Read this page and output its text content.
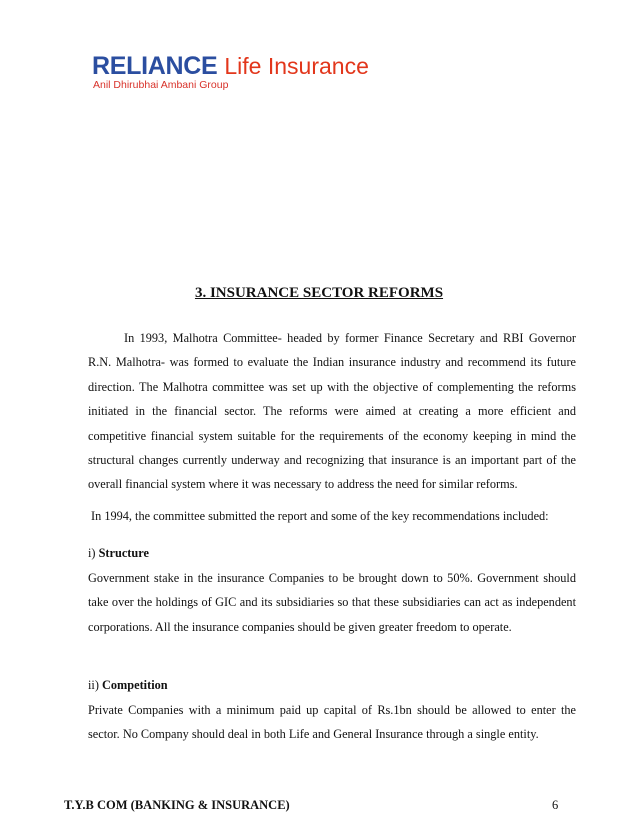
RELIANCE Life Insurance
Anil Dhirubhai Ambani Group
3. INSURANCE SECTOR REFORMS

In 1993, Malhotra Committee- headed by former Finance Secretary and RBI Governor R.N. Malhotra- was formed to evaluate the Indian insurance industry and recommend its future direction. The Malhotra committee was set up with the objective of complementing the reforms initiated in the financial sector. The reforms were aimed at creating a more efficient and competitive financial system suitable for the requirements of the economy keeping in mind the structural changes currently underway and recognizing that insurance is an important part of the overall financial system where it was necessary to address the need for similar reforms.

In 1994, the committee submitted the report and some of the key recommendations included:

i) Structure

Government stake in the insurance Companies to be brought down to 50%. Government should take over the holdings of GIC and its subsidiaries so that these subsidiaries can act as independent corporations. All the insurance companies should be given greater freedom to operate.

ii) Competition

Private Companies with a minimum paid up capital of Rs.1bn should be allowed to enter the sector. No Company should deal in both Life and General Insurance through a single entity.

T.Y.B COM (BANKING & INSURANCE)	6
